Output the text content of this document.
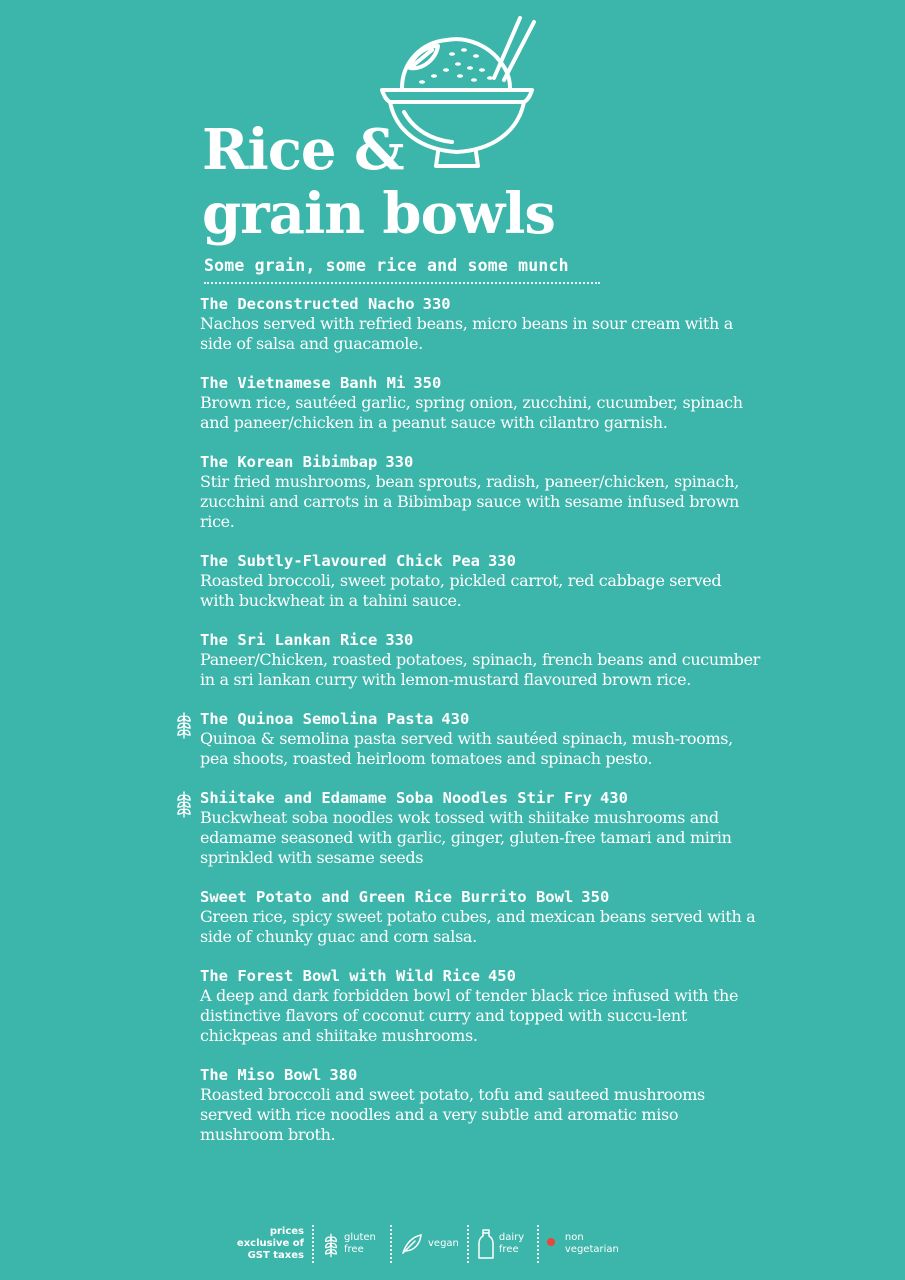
Rice &
grain bowls
Some grain, some rice and some munch
The Deconstructed Nacho 330
Nachos served with refried beans, micro beans in sour cream with a side of salsa and guacamole.
The Vietnamese Banh Mi 350
Brown rice, sautéed garlic, spring onion, zucchini, cucumber, spinach and paneer/chicken in a peanut sauce with cilantro garnish.
The Korean Bibimbap 330
Stir fried mushrooms, bean sprouts, radish, paneer/chicken, spinach, zucchini and carrots in a Bibimbap sauce with sesame infused brown rice.
The Subtly-Flavoured Chick Pea 330
Roasted broccoli, sweet potato, pickled carrot, red cabbage served with buckwheat in a tahini sauce.
The Sri Lankan Rice 330
Paneer/Chicken, roasted potatoes, spinach, french beans and cucumber in a sri lankan curry with lemon-mustard flavoured brown rice.
The Quinoa Semolina Pasta 430
Quinoa & semolina pasta served with sautéed spinach, mush-rooms, pea shoots, roasted heirloom tomatoes and spinach pesto.
Shiitake and Edamame Soba Noodles Stir Fry 430
Buckwheat soba noodles wok tossed with shiitake mushrooms and edamame seasoned with garlic, ginger, gluten-free tamari and mirin sprinkled with sesame seeds
Sweet Potato and Green Rice Burrito Bowl 350
Green rice, spicy sweet potato cubes, and mexican beans served with a side of chunky guac and corn salsa.
The Forest Bowl with Wild Rice 450
A deep and dark forbidden bowl of tender black rice infused with the distinctive flavors of coconut curry and topped with succu-lent chickpeas and shiitake mushrooms.
The Miso Bowl 380
Roasted broccoli and sweet potato, tofu and sauteed mushrooms served with rice noodles and a very subtle and aromatic miso mushroom broth.
prices exclusive of GST taxes
gluten free
vegan
dairy free
non vegetarian
